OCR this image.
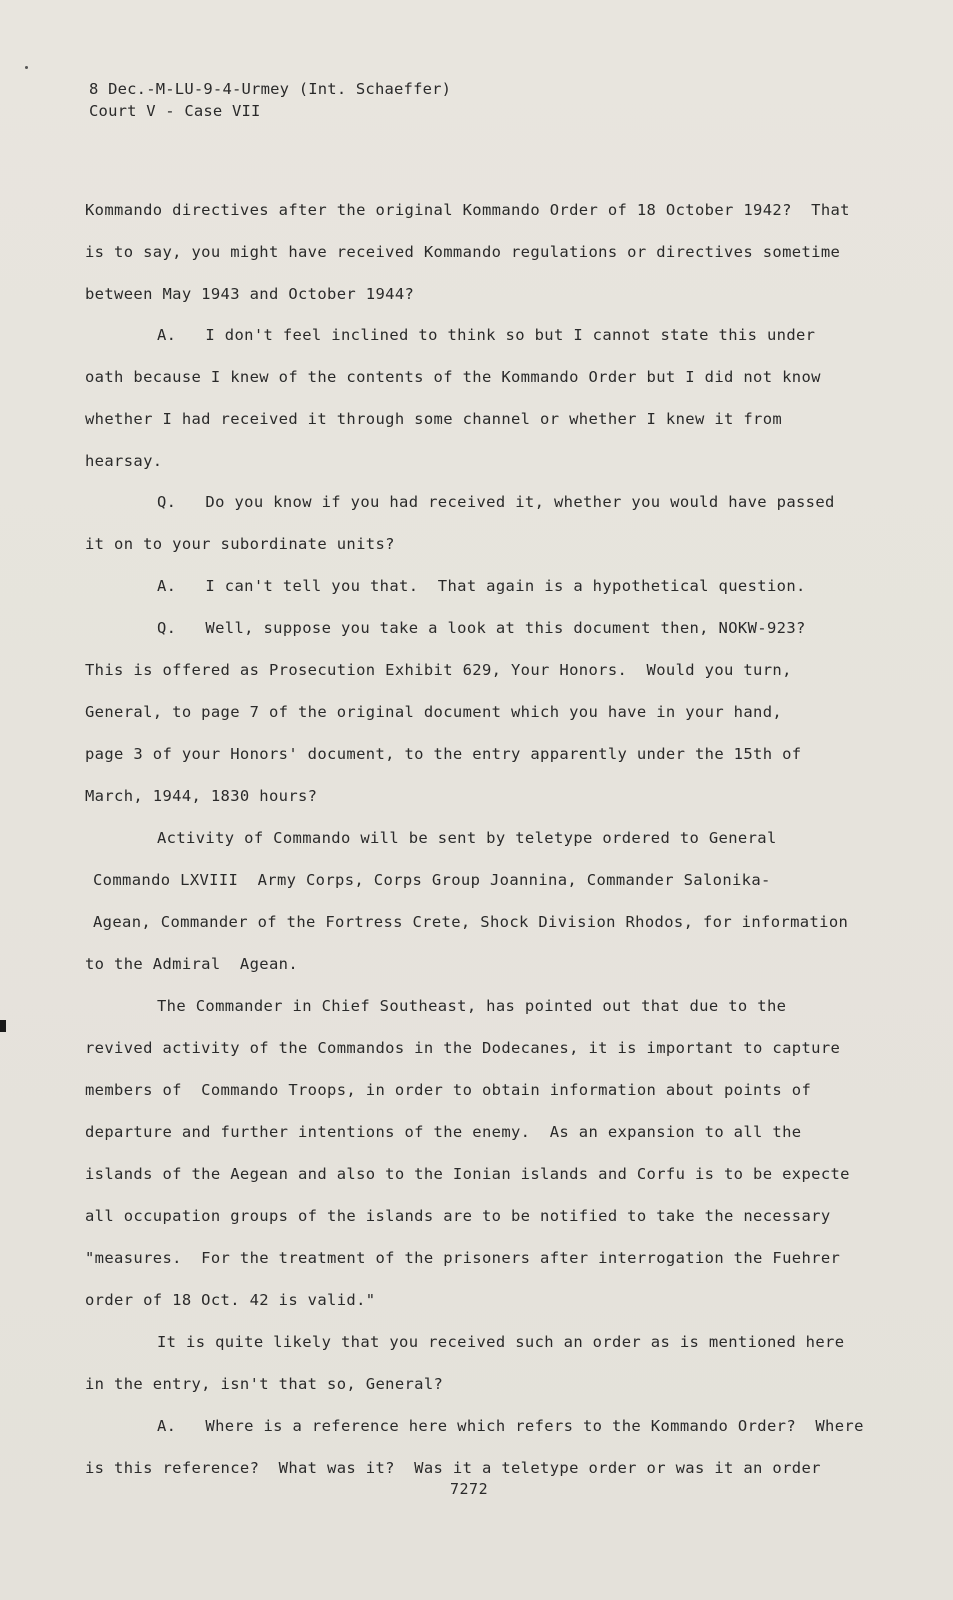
8 Dec.-M-LU-9-4-Urmey (Int. Schaeffer)
Court V - Case VII
Kommando directives after the original Kommando Order of 18 October 1942?  That
is to say, you might have received Kommando regulations or directives sometime
between May 1943 and October 1944?
A.   I don't feel inclined to think so but I cannot state this under
oath because I knew of the contents of the Kommando Order but I did not know
whether I had received it through some channel or whether I knew it from
hearsay.
Q.   Do you know if you had received it, whether you would have passed
it on to your subordinate units?
A.   I can't tell you that.  That again is a hypothetical question.
Q.   Well, suppose you take a look at this document then, NOKW-923?
This is offered as Prosecution Exhibit 629, Your Honors.  Would you turn,
General, to page 7 of the original document which you have in your hand,
page 3 of your Honors' document, to the entry apparently under the 15th of
March, 1944, 1830 hours?
Activity of Commando will be sent by teletype ordered to General
Commando LXVIII  Army Corps, Corps Group Joannina, Commander Salonika-
Agean, Commander of the Fortress Crete, Shock Division Rhodos, for information
to the Admiral  Agean.
The Commander in Chief Southeast, has pointed out that due to the
revived activity of the Commandos in the Dodecanes, it is important to capture
members of  Commando Troops, in order to obtain information about points of
departure and further intentions of the enemy.  As an expansion to all the
islands of the Aegean and also to the Ionian islands and Corfu is to be expecte
all occupation groups of the islands are to be notified to take the necessary
"measures.  For the treatment of the prisoners after interrogation the Fuehrer
order of 18 Oct. 42 is valid."
It is quite likely that you received such an order as is mentioned here
in the entry, isn't that so, General?
A.   Where is a reference here which refers to the Kommando Order?  Where
is this reference?  What was it?  Was it a teletype order or was it an order
7272
